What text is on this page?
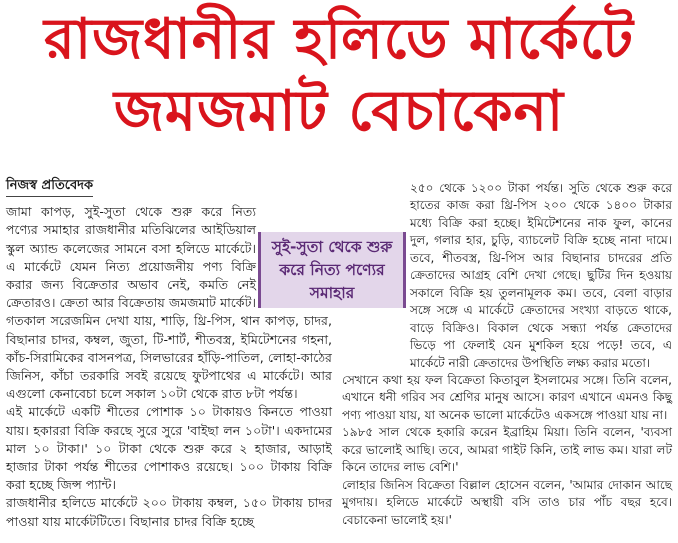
রাজধানীর হলিডে মার্কেটে
জমজমাট বেচাকেনা
নিজস্ব প্রতিবেদক

জামা কাপড়, সুই-সুতা থেকে শুরু করে নিত্য পণ্যের সমাহার রাজধানীর মতিঝিলের আইডিয়াল স্কুল অ্যান্ড কলেজের সামনে বসা হলিডে মার্কেটে। এ মার্কেটে যেমন নিত্য প্রয়োজনীয় পণ্য বিক্রি করার জন্য বিক্রেতার অভাব নেই, কমতি নেই ক্রেতারও। ক্রেতা আর বিক্রেতায় জমজমাট মার্কেট। গতকাল সরেজমিন দেখা যায়, শাড়ি, থ্রি-পিস, থান কাপড়, চাদর, বিছানার চাদর, কম্বল, জুতা, টি-শার্ট, শীতবস্ত্র, ইমিটেশনের গহনা, কাঁচ-সিরামিকের বাসনপত্র, সিলভারের হাঁড়ি-পাতিল, লোহা-কাঠের জিনিস, কাঁচা তরকারি সবই রয়েছে ফুটপাথের এ মার্কেটে। আর এগুলো কেনাবেচা চলে সকাল ১০টা থেকে রাত ৮টা পর্যন্ত।

এই মার্কেটে একটি শীতের পোশাক ১০ টাকায়ও কিনতে পাওয়া যায়। হকাররা বিক্রি করছে সুরে সুরে 'বাইছা লন ১০টা'। একদামের মাল ১০ টাকা।' ১০ টাকা থেকে শুরু করে ২ হাজার, আড়াই হাজার টাকা পর্যন্ত শীতের পোশাকও রয়েছে। ১০০ টাকায় বিক্রি করা হচ্ছে জিন্স প্যান্ট।

রাজধানীর হলিডে মার্কেটে ২০০ টাকায় কম্বল, ১৫০ টাকায় চাদর পাওয়া যায় মার্কেটটিতে। বিছানার চাদর বিক্রি হচ্ছে

২৫০ থেকে ১২০০ টাকা পর্যন্ত। সুতি থেকে শুরু করে হাতের কাজ করা থ্রি-পিস ২০০ থেকে ১৪০০ টাকার মধ্যে বিক্রি করা হচ্ছে। ইমিটেশনের নাক ফুল, কানের দুল, গলার হার, চুড়ি, ব্যাচলেট বিক্রি হচ্ছে নানা দামে। তবে, শীতবস্ত্র, থ্রি-পিস আর বিছানার চাদরের প্রতি ক্রেতাদের আগ্রহ বেশি দেখা গেছে। ছুটির দিন হওয়ায় সকালে বিক্রি হয় তুলনামূলক কম। তবে, বেলা বাড়ার সঙ্গে সঙ্গে এ মার্কেটে ক্রেতাদের সংখ্যা বাড়তে থাকে, বাড়ে বিক্রিও। বিকাল থেকে সন্ধ্যা পর্যন্ত ক্রেতাদের ভিড়ে পা ফেলাই যেন মুশকিল হয়ে পড়ে! তবে, এ মার্কেটে নারী ক্রেতাদের উপস্থিতি লক্ষ্য করার মতো।

সেখানে কথা হয় ফল বিক্রেতা কিতাবুল ইসলামের সঙ্গে। তিনি বলেন, এখানে ধনী গরিব সব শ্রেণির মানুষ আসে। কারণ এখানে এমনও কিছু পণ্য পাওয়া যায়, যা অনেক ভালো মার্কেটেও একসঙ্গে পাওয়া যায় না।

১৯৮৫ সাল থেকে হকারি করেন ইব্রাহিম মিয়া। তিনি বলেন, 'ব্যবসা করে ভালোই আছি। তবে, আমরা গাইট কিনি, তাই লাভ কম। যারা লট কিনে তাদের লাভ বেশি।'

লোহার জিনিস বিক্রেতা বিল্লাল হোসেন বলেন, 'আমার দোকান আছে মুগদায়। হলিডে মার্কেটে অস্থায়ী বসি তাও চার পাঁচ বছর হবে। বেচাকেনা ভালোই হয়।'

সুই-সুতা থেকে শুরু করে নিত্য পণ্যের সমাহার
